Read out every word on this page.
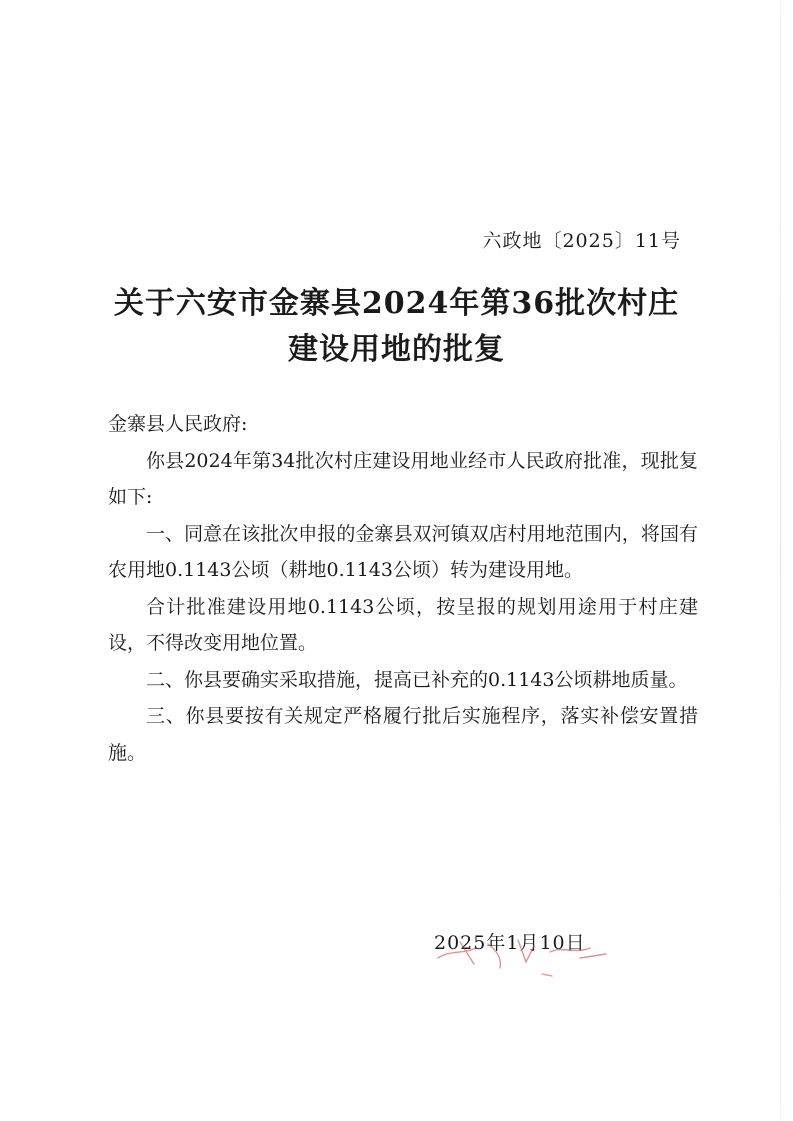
六政地〔2025〕11号
关于六安市金寨县2024年第36批次村庄
建设用地的批复
金寨县人民政府:

你县2024年第34批次村庄建设用地业经市人民政府批准，现批复如下:

一、同意在该批次申报的金寨县双河镇双店村用地范围内，将国有农用地0.1143公顷（耕地0.1143公顷）转为建设用地。

合计批准建设用地0.1143公顷，按呈报的规划用途用于村庄建设，不得改变用地位置。

二、你县要确实采取措施，提高已补充的0.1143公顷耕地质量。

三、你县要按有关规定严格履行批后实施程序，落实补偿安置措施。

2025年1月10日
